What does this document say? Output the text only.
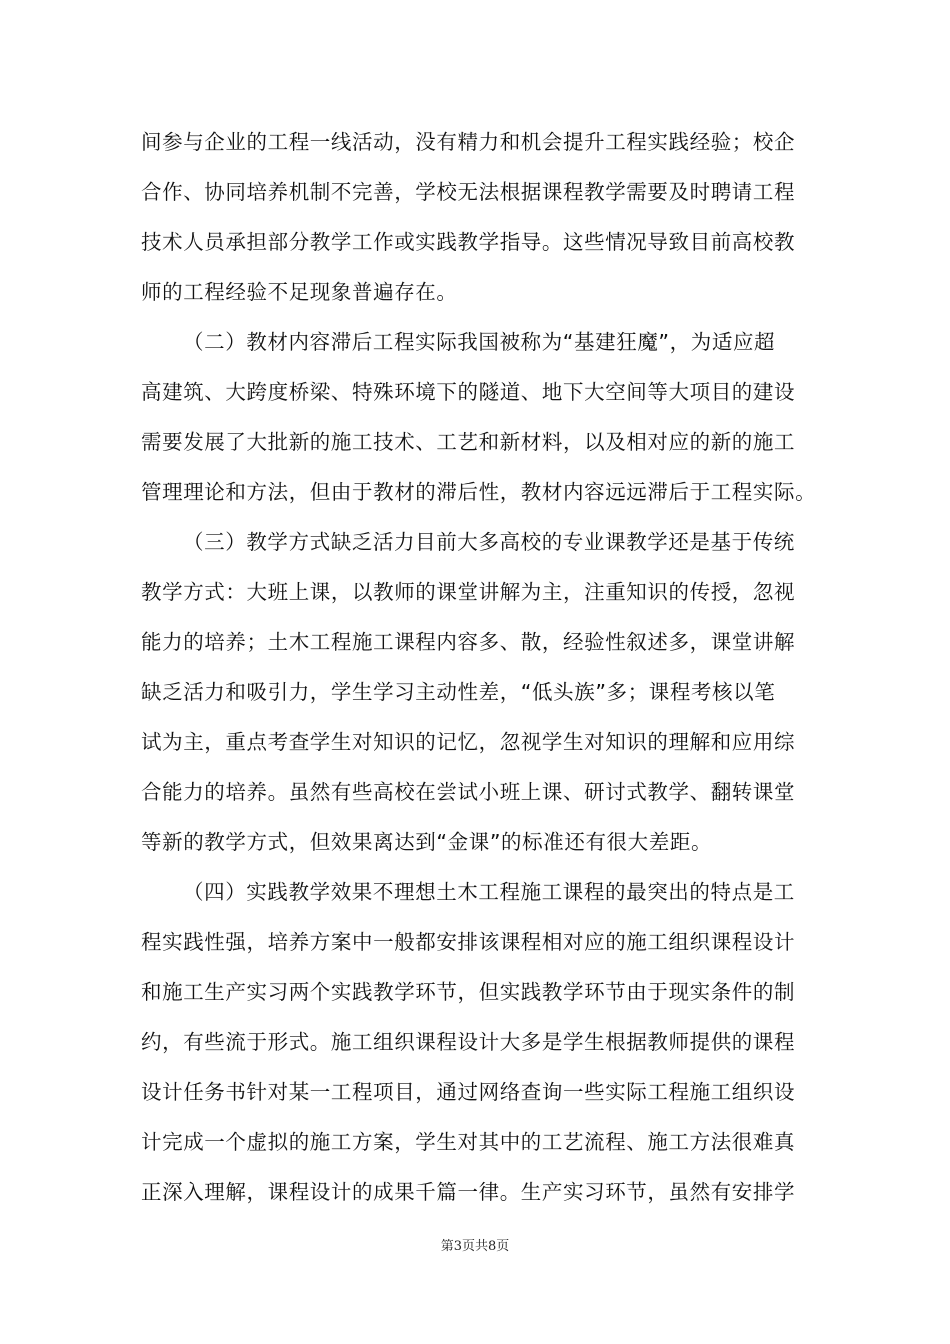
间参与企业的工程一线活动，没有精力和机会提升工程实践经验；校企
合作、协同培养机制不完善，学校无法根据课程教学需要及时聘请工程
技术人员承担部分教学工作或实践教学指导。这些情况导致目前高校教
师的工程经验不足现象普遍存在。
（二）教材内容滞后工程实际我国被称为“基建狂魔”，为适应超
高建筑、大跨度桥梁、特殊环境下的隧道、地下大空间等大项目的建设
需要发展了大批新的施工技术、工艺和新材料，以及相对应的新的施工
管理理论和方法，但由于教材的滞后性，教材内容远远滞后于工程实际。
（三）教学方式缺乏活力目前大多高校的专业课教学还是基于传统
教学方式：大班上课，以教师的课堂讲解为主，注重知识的传授，忽视
能力的培养；土木工程施工课程内容多、散，经验性叙述多，课堂讲解
缺乏活力和吸引力，学生学习主动性差，“低头族”多；课程考核以笔
试为主，重点考查学生对知识的记忆，忽视学生对知识的理解和应用综
合能力的培养。虽然有些高校在尝试小班上课、研讨式教学、翻转课堂
等新的教学方式，但效果离达到“金课”的标准还有很大差距。
（四）实践教学效果不理想土木工程施工课程的最突出的特点是工
程实践性强，培养方案中一般都安排该课程相对应的施工组织课程设计
和施工生产实习两个实践教学环节，但实践教学环节由于现实条件的制
约，有些流于形式。施工组织课程设计大多是学生根据教师提供的课程
设计任务书针对某一工程项目，通过网络查询一些实际工程施工组织设
计完成一个虚拟的施工方案，学生对其中的工艺流程、施工方法很难真
正深入理解，课程设计的成果千篇一律。生产实习环节，虽然有安排学
第3页共8页
